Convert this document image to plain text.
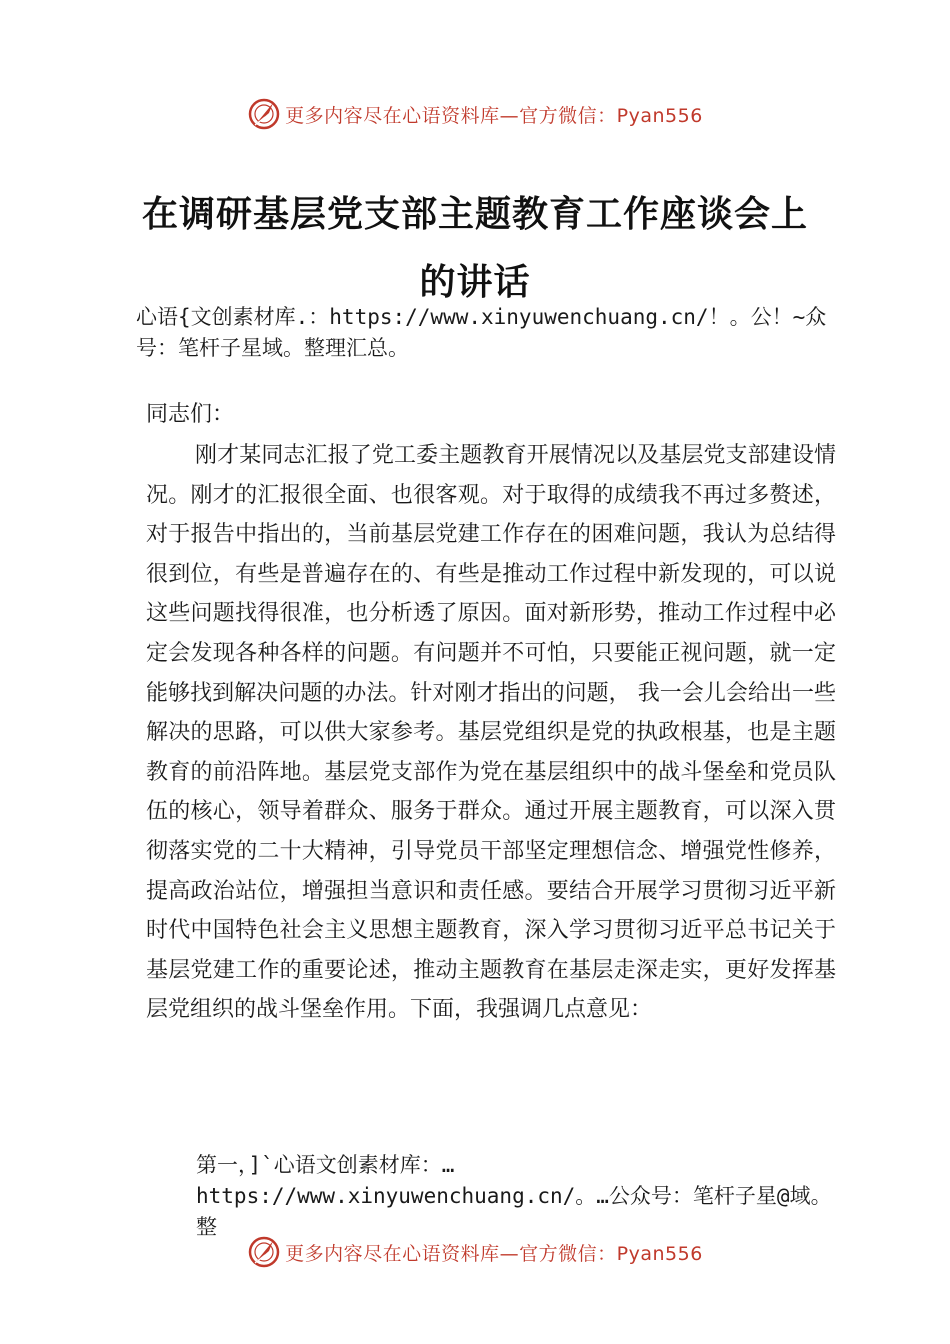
更多内容尽在心语资料库—官方微信：Pyan556
在调研基层党支部主题教育工作座谈会上
的讲话
心语{文创素材库.：https://www.xinyuwenchuang.cn/！。公！~众号：笔杆子星域。整理汇总。
同志们：
刚才某同志汇报了党工委主题教育开展情况以及基层党支部建设情况。刚才的汇报很全面、也很客观。对于取得的成绩我不再过多赘述，对于报告中指出的，当前基层党建工作存在的困难问题，我认为总结得很到位，有些是普遍存在的、有些是推动工作过程中新发现的，可以说这些问题找得很准，也分析透了原因。面对新形势，推动工作过程中必定会发现各种各样的问题。有问题并不可怕，只要能正视问题，就一定能够找到解决问题的办法。针对刚才指出的问题， 我一会儿会给出一些解决的思路，可以供大家参考。基层党组织是党的执政根基，也是主题教育的前沿阵地。基层党支部作为党在基层组织中的战斗堡垒和党员队伍的核心，领导着群众、服务于群众。通过开展主题教育，可以深入贯彻落实党的二十大精神，引导党员干部坚定理想信念、增强党性修养，提高政治站位，增强担当意识和责任感。要结合开展学习贯彻习近平新时代中国特色社会主义思想主题教育，深入学习贯彻习近平总书记关于基层党建工作的重要论述，推动主题教育在基层走深走实，更好发挥基层党组织的战斗堡垒作用。下面，我强调几点意见：
第一，]`心语文创素材库：…https://www.xinyuwenchuang.cn/。…公众号：笔杆子星@域。整
更多内容尽在心语资料库—官方微信：Pyan556
